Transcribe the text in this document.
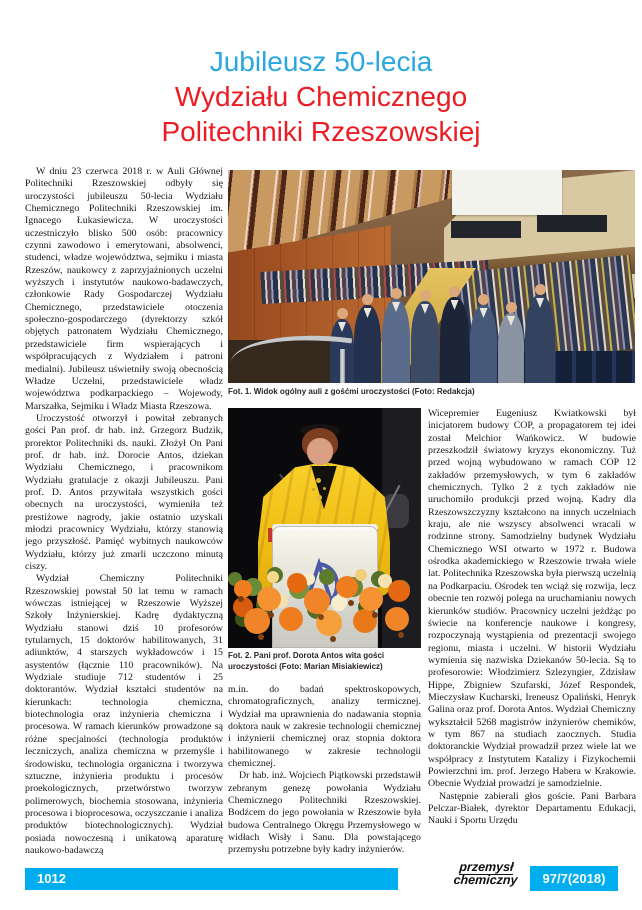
Jubileusz 50-lecia
Wydziału Chemicznego
Politechniki Rzeszowskiej

W dniu 23 czerwca 2018 r. w Auli Głównej Politechniki Rzeszowskiej odbyły się uroczystości jubileuszu 50-lecia Wydziału Chemicznego Politechniki Rzeszowskiej im. Ignacego Łukasiewicza. W uroczystości uczestniczyło blisko 500 osób: pracownicy czynni zawodowo i emerytowani, absolwenci, studenci, władze województwa, sejmiku i miasta Rzeszów, naukowcy z zaprzyjaźnionych uczelni wyższych i instytutów naukowo-badawczych, członkowie Rady Gospodarczej Wydziału Chemicznego, przedstawiciele otoczenia społeczno-gospodarczego (dyrektorzy szkół objętych patronatem Wydziału Chemicznego, przedstawiciele firm wspierających i współpracujących z Wydziałem i patroni medialni). Jubileusz uświetniły swoją obecnością Władze Uczelni, przedstawiciele władz województwa podkarpackiego – Wojewody, Marszałka, Sejmiku i Władz Miasta Rzeszowa.

Uroczystość otworzył i powitał zebranych gości Pan prof. dr hab. inż. Grzegorz Budzik, prorektor Politechniki ds. nauki. Złożył On Pani prof. dr hab. inż. Dorocie Antos, dziekan Wydziału Chemicznego, i pracownikom Wydziału gratulacje z okazji Jubileuszu. Pani prof. D. Antos przywitała wszystkich gości obecnych na uroczystości, wymieniła też prestiżowe nagrody, jakie ostatnio uzyskali młodzi pracownicy Wydziału, którzy stanowią jego przyszłość. Pamięć wybitnych naukowców Wydziału, którzy już zmarli uczczono minutą ciszy.

Wydział Chemiczny Politechniki Rzeszowskiej powstał 50 lat temu w ramach wówczas istniejącej w Rzeszowie Wyższej Szkoły Inżynierskiej. Kadrę dydaktyczną Wydziału stanowi dziś 10 profesorów tytularnych, 15 doktorów habilitowanych, 31 adiunktów, 4 starszych wykładowców i 15 asystentów (łącznie 110 pracowników). Na Wydziale studiuje 712 studentów i 25 doktorantów. Wydział kształci studentów na kierunkach: technologia chemiczna, biotechnologia oraz inżynieria chemiczna i procesowa. W ramach kierunków prowadzone są różne specjalności (technologia produktów leczniczych, analiza chemiczna w przemyśle i środowisku, technologia organiczna i tworzywa sztuczne, inżynieria produktu i procesów proekologicznych, przetwórstwo tworzyw polimerowych, biochemia stosowana, inżynieria procesowa i bioprocesowa, oczyszczanie i analiza produktów biotechnologicznych). Wydział posiada nowoczesną i unikatową aparaturę naukowo-badawczą

Fot. 1. Widok ogólny auli z gośćmi uroczystości (Foto: Redakcja)
Fot. 2. Pani prof. Dorota Antos wita gości uroczystości (Foto: Marian Misiakiewicz)

m.in. do badań spektroskopowych, chromatograficznych, analizy termicznej. Wydział ma uprawnienia do nadawania stopnia doktora nauk w zakresie technologii chemicznej i inżynierii chemicznej oraz stopnia doktora habilitowanego w zakresie technologii chemicznej.

Dr hab. inż. Wojciech Piątkowski przedstawił zebranym genezę powołania Wydziału Chemicznego Politechniki Rzeszowskiej. Bodźcem do jego powołania w Rzeszowie była budowa Centralnego Okręgu Przemysłowego w widłach Wisły i Sanu. Dla powstającego przemysłu potrzebne były kadry inżynierów.

Wicepremier Eugeniusz Kwiatkowski był inicjatorem budowy COP, a propagatorem tej idei został Melchior Wańkowicz. W budowie przeszkodził światowy kryzys ekonomiczny. Tuż przed wojną wybudowano w ramach COP 12 zakładów przemysłowych, w tym 6 zakładów chemicznych. Tylko 2 z tych zakładów nie uruchomiło produkcji przed wojną. Kadry dla Rzeszowszczyzny kształcono na innych uczelniach kraju, ale nie wszyscy absolwenci wracali w rodzinne strony. Samodzielny budynek Wydziału Chemicznego WSI otwarto w 1972 r. Budowa ośrodka akademickiego w Rzeszowie trwała wiele lat. Politechnika Rzeszowska była pierwszą uczelnią na Podkarpaciu. Ośrodek ten wciąż się rozwija, lecz obecnie ten rozwój polega na uruchamianiu nowych kierunków studiów. Pracownicy uczelni jeżdżąc po świecie na konferencje naukowe i kongresy, rozpoczynają wystąpienia od prezentacji swojego regionu, miasta i uczelni. W historii Wydziału wymienia się nazwiska Dziekanów 50-lecia. Są to profesorowie: Włodzimierz Szlezyngier, Zdzisław Hippe, Zbigniew Szufarski, Józef Respondek, Mieczysław Kucharski, Ireneusz Opaliński, Henryk Galina oraz prof. Dorota Antos. Wydział Chemiczny wykształcił 5268 magistrów inżynierów chemików, w tym 867 na studiach zaocznych. Studia doktoranckie Wydział prowadził przez wiele lat we współpracy z Instytutem Katalizy i Fizykochemii Powierzchni im. prof. Jerzego Habera w Krakowie. Obecnie Wydział prowadzi je samodzielnie.

Następnie zabierali głos goście. Pani Barbara Pelczar-Białek, dyrektor Departamentu Edukacji, Nauki i Sportu Urzędu

1012
przemysł
chemiczny	97/7(2018)
